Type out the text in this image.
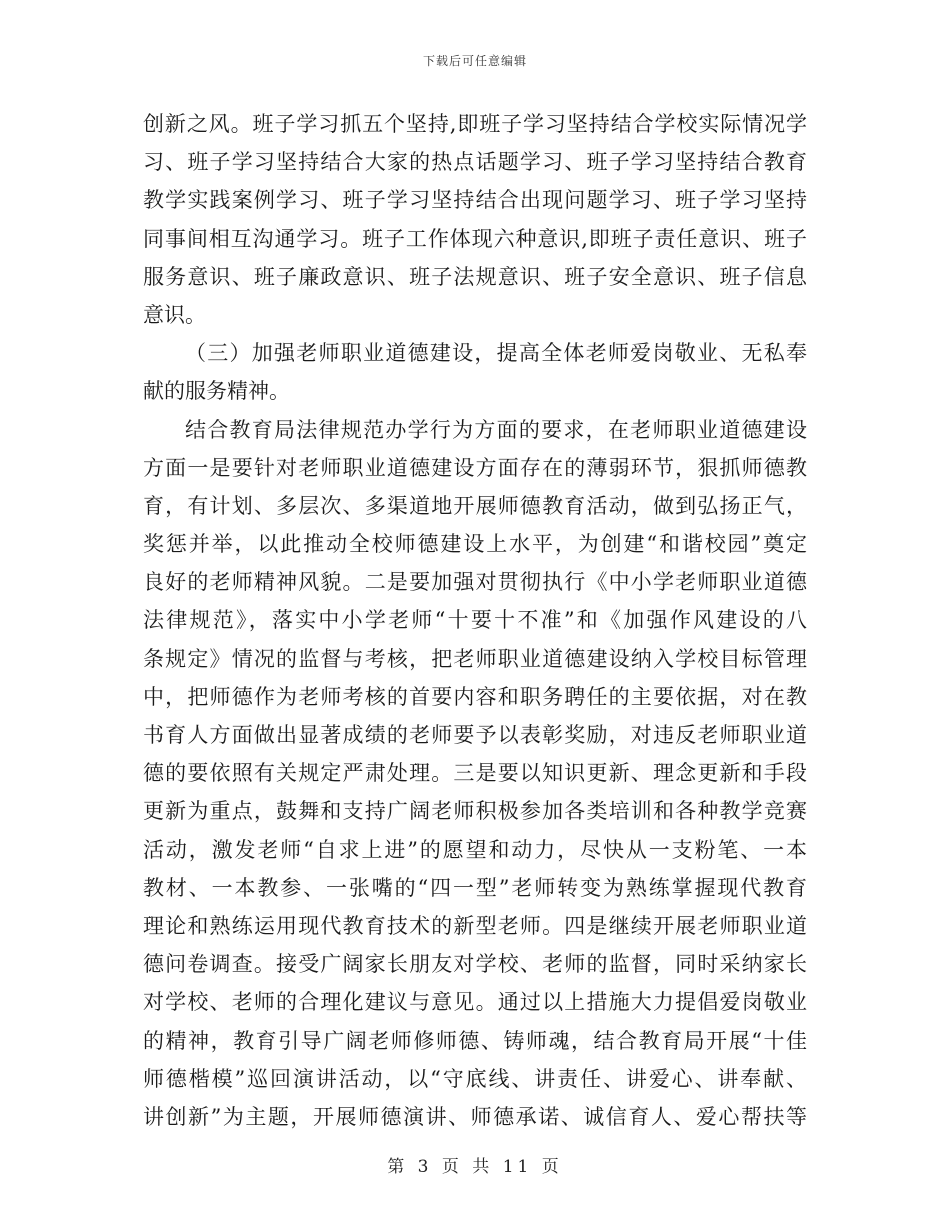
下载后可任意编辑
创新之风。班子学习抓五个坚持,即班子学习坚持结合学校实际情况学
习、班子学习坚持结合大家的热点话题学习、班子学习坚持结合教育
教学实践案例学习、班子学习坚持结合出现问题学习、班子学习坚持
同事间相互沟通学习。班子工作体现六种意识,即班子责任意识、班子
服务意识、班子廉政意识、班子法规意识、班子安全意识、班子信息
意识。
（三）加强老师职业道德建设，提高全体老师爱岗敬业、无私奉
献的服务精神。
结合教育局法律规范办学行为方面的要求，在老师职业道德建设
方面一是要针对老师职业道德建设方面存在的薄弱环节，狠抓师德教
育，有计划、多层次、多渠道地开展师德教育活动，做到弘扬正气，
奖惩并举，以此推动全校师德建设上水平，为创建“和谐校园”奠定
良好的老师精神风貌。二是要加强对贯彻执行《中小学老师职业道德
法律规范》，落实中小学老师“十要十不准”和《加强作风建设的八
条规定》情况的监督与考核，把老师职业道德建设纳入学校目标管理
中，把师德作为老师考核的首要内容和职务聘任的主要依据，对在教
书育人方面做出显著成绩的老师要予以表彰奖励，对违反老师职业道
德的要依照有关规定严肃处理。三是要以知识更新、理念更新和手段
更新为重点，鼓舞和支持广阔老师积极参加各类培训和各种教学竞赛
活动，激发老师“自求上进”的愿望和动力，尽快从一支粉笔、一本
教材、一本教参、一张嘴的“四一型”老师转变为熟练掌握现代教育
理论和熟练运用现代教育技术的新型老师。四是继续开展老师职业道
德问卷调查。接受广阔家长朋友对学校、老师的监督，同时采纳家长
对学校、老师的合理化建议与意见。通过以上措施大力提倡爱岗敬业
的精神，教育引导广阔老师修师德、铸师魂，结合教育局开展“十佳
师德楷模”巡回演讲活动，以“守底线、讲责任、讲爱心、讲奉献、
讲创新”为主题，开展师德演讲、师德承诺、诚信育人、爱心帮扶等
第 3 页 共 11 页
